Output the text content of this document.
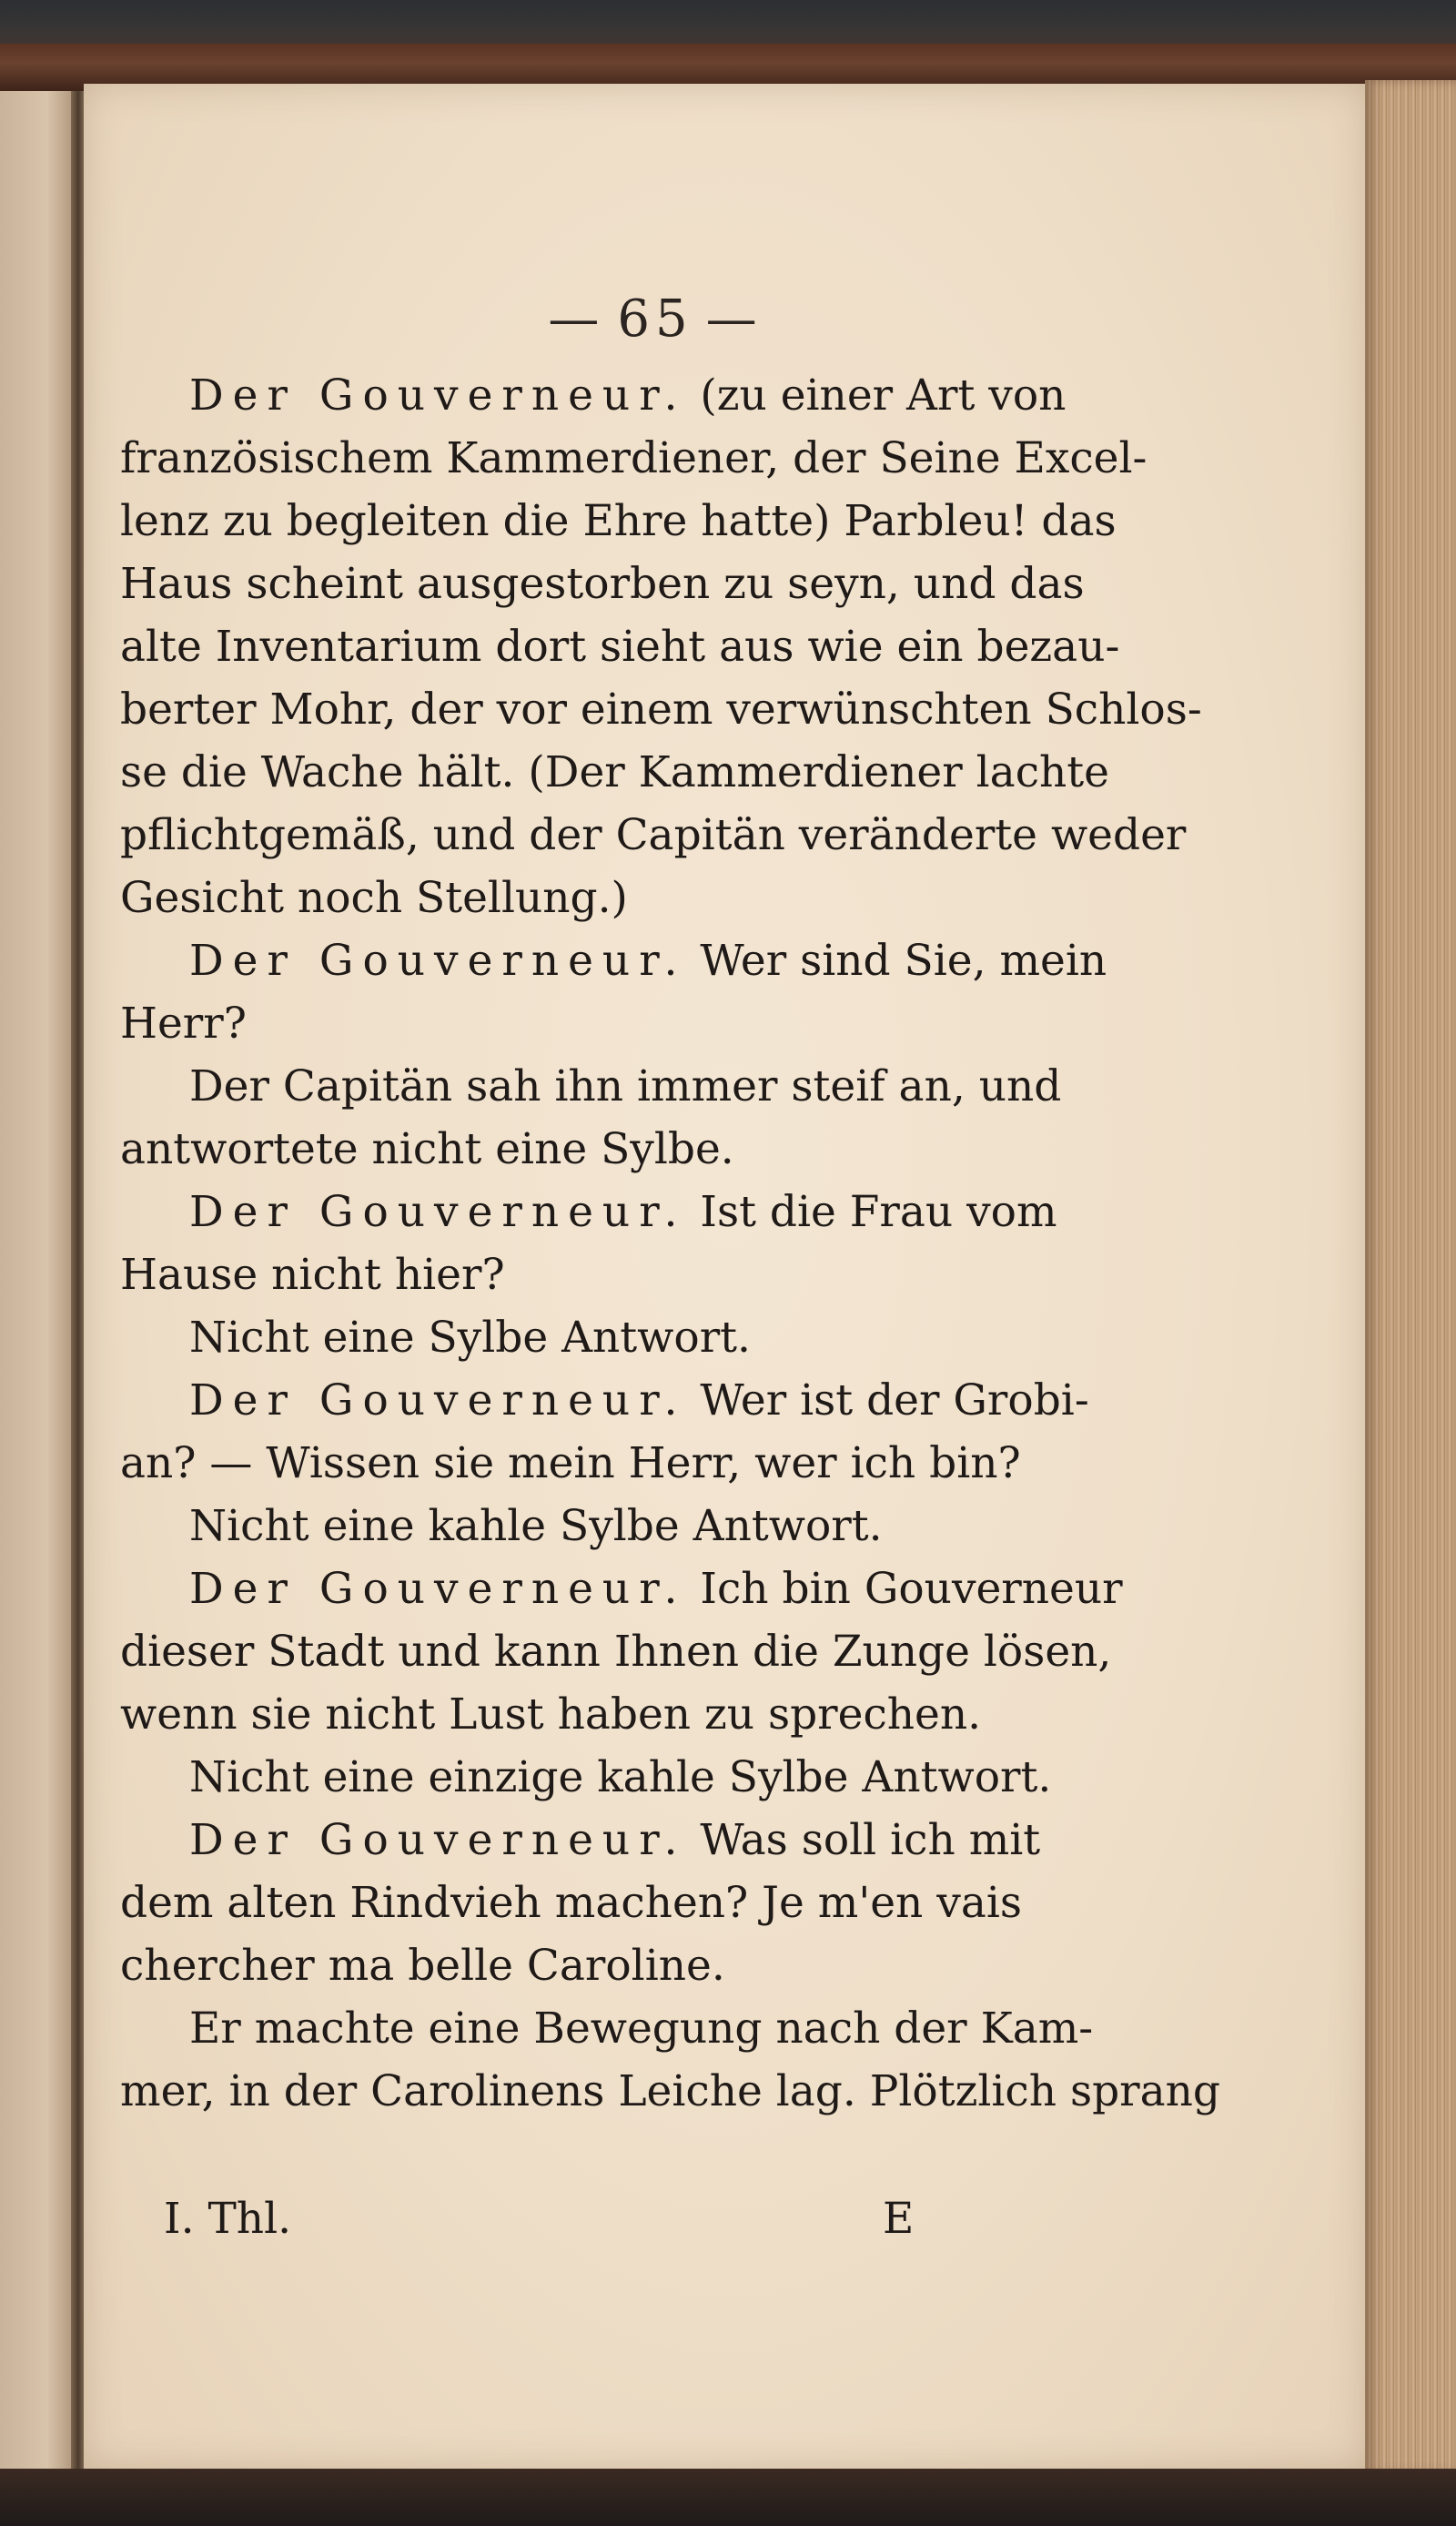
— 65 —
Der Gouverneur. (zu einer Art von
französischem Kammerdiener, der Seine Excel-
lenz zu begleiten die Ehre hatte) Parbleu! das
Haus scheint ausgestorben zu seyn, und das
alte Inventarium dort sieht aus wie ein bezau-
berter Mohr, der vor einem verwünschten Schlos-
se die Wache hält. (Der Kammerdiener lachte
pflichtgemäß, und der Capitän veränderte weder
Gesicht noch Stellung.)
Der Gouverneur. Wer sind Sie, mein
Herr?
Der Capitän sah ihn immer steif an, und
antwortete nicht eine Sylbe.
Der Gouverneur. Ist die Frau vom
Hause nicht hier?
Nicht eine Sylbe Antwort.
Der Gouverneur. Wer ist der Grobi-
an? — Wissen sie mein Herr, wer ich bin?
Nicht eine kahle Sylbe Antwort.
Der Gouverneur. Ich bin Gouverneur
dieser Stadt und kann Ihnen die Zunge lösen,
wenn sie nicht Lust haben zu sprechen.
Nicht eine einzige kahle Sylbe Antwort.
Der Gouverneur. Was soll ich mit
dem alten Rindvieh machen? Je m'en vais
chercher ma belle Caroline.
Er machte eine Bewegung nach der Kam-
mer, in der Carolinens Leiche lag. Plötzlich sprang
I. Thl.	E
